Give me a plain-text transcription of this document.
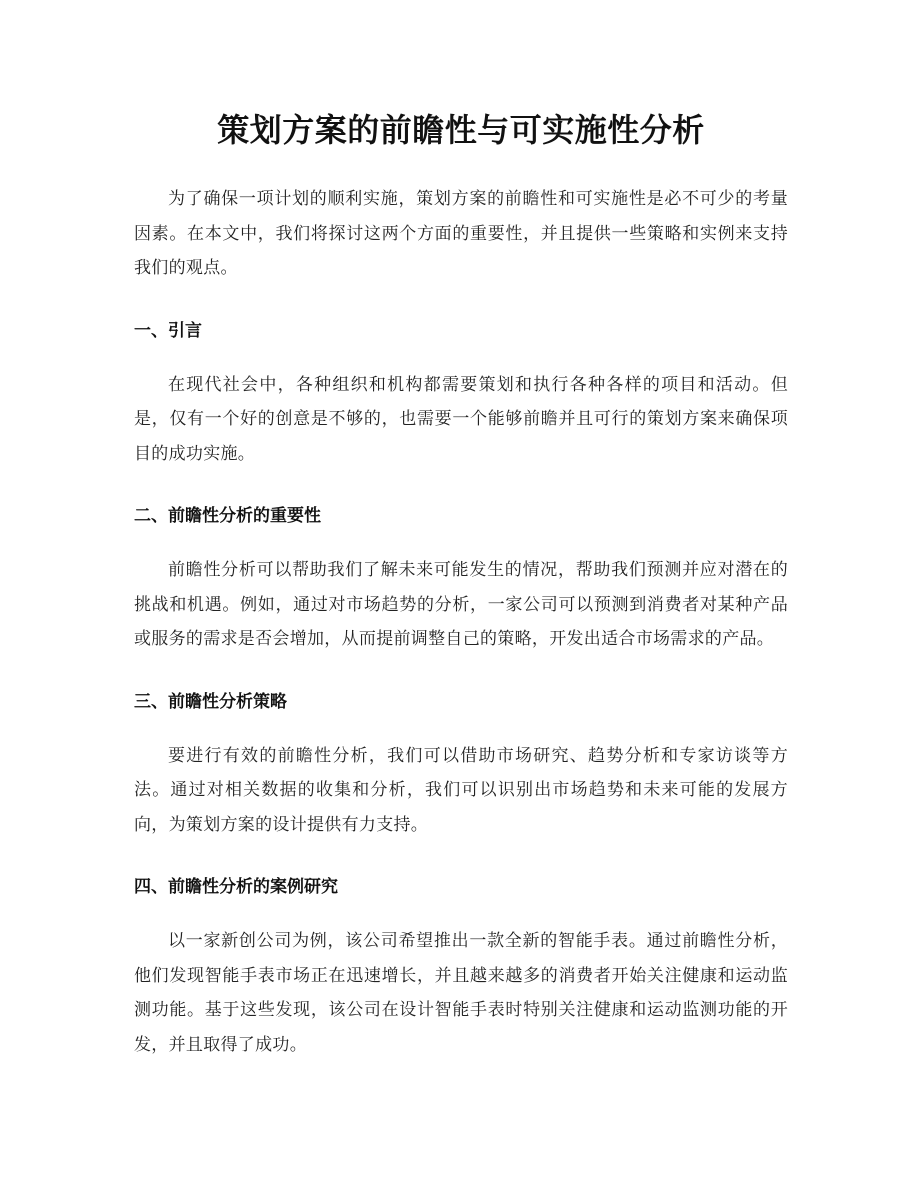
策划方案的前瞻性与可实施性分析

为了确保一项计划的顺利实施，策划方案的前瞻性和可实施性是必不可少的考量因素。在本文中，我们将探讨这两个方面的重要性，并且提供一些策略和实例来支持我们的观点。

一、引言

在现代社会中，各种组织和机构都需要策划和执行各种各样的项目和活动。但是，仅有一个好的创意是不够的，也需要一个能够前瞻并且可行的策划方案来确保项目的成功实施。

二、前瞻性分析的重要性

前瞻性分析可以帮助我们了解未来可能发生的情况，帮助我们预测并应对潜在的挑战和机遇。例如，通过对市场趋势的分析，一家公司可以预测到消费者对某种产品或服务的需求是否会增加，从而提前调整自己的策略，开发出适合市场需求的产品。

三、前瞻性分析策略

要进行有效的前瞻性分析，我们可以借助市场研究、趋势分析和专家访谈等方法。通过对相关数据的收集和分析，我们可以识别出市场趋势和未来可能的发展方向，为策划方案的设计提供有力支持。

四、前瞻性分析的案例研究

以一家新创公司为例，该公司希望推出一款全新的智能手表。通过前瞻性分析，他们发现智能手表市场正在迅速增长，并且越来越多的消费者开始关注健康和运动监测功能。基于这些发现，该公司在设计智能手表时特别关注健康和运动监测功能的开发，并且取得了成功。
